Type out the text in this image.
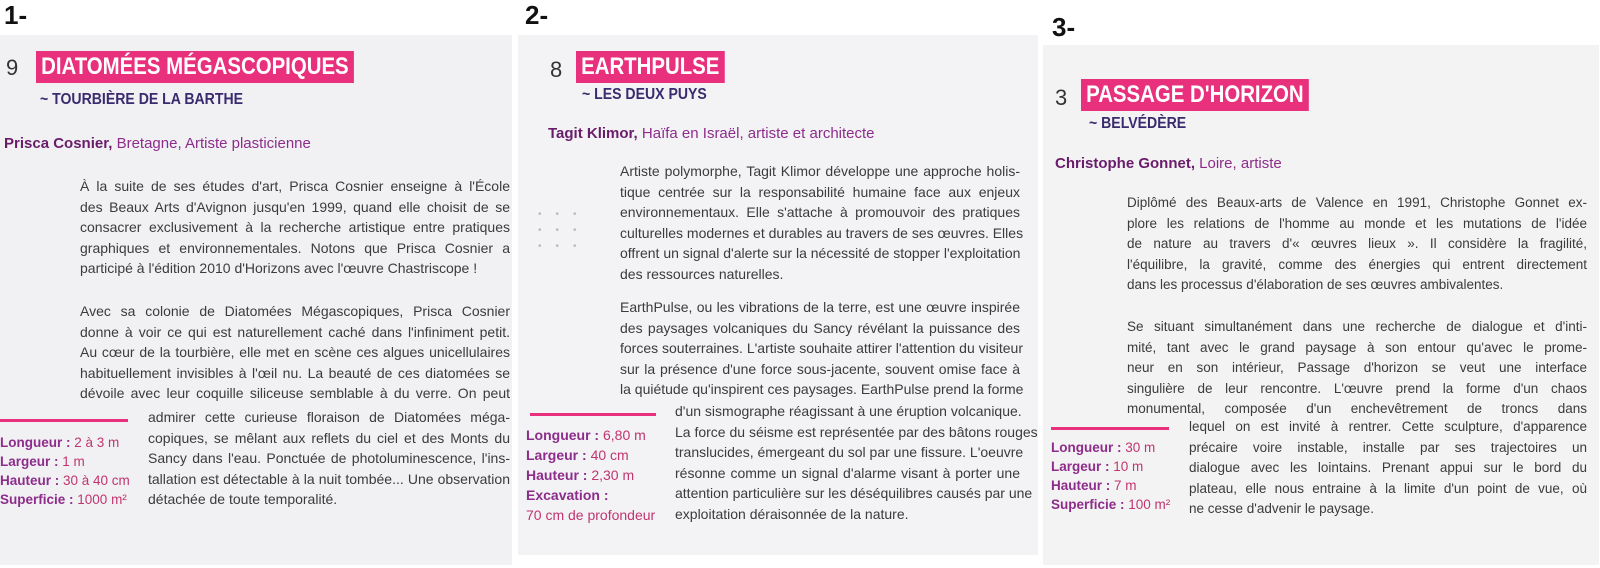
1-	2-	3-
9 DIATOMÉES MÉGASCOPIQUES
~ TOURBIÈRE DE LA BARTHE
Prisca Cosnier, Bretagne, Artiste plasticienne
À la suite de ses études d'art, Prisca Cosnier enseigne à l'École
des Beaux Arts d'Avignon jusqu'en 1999, quand elle choisit de se
consacrer exclusivement à la recherche artistique entre pratiques
graphiques et environnementales. Notons que Prisca Cosnier a
participé à l'édition 2010 d'Horizons avec l'œuvre Chastriscope !
Avec sa colonie de Diatomées Mégascopiques, Prisca Cosnier
donne à voir ce qui est naturellement caché dans l'infiniment petit.
Au cœur de la tourbière, elle met en scène ces algues unicellulaires
habituellement invisibles à l'œil nu. La beauté de ces diatomées se
dévoile avec leur coquille siliceuse semblable à du verre. On peut
admirer cette curieuse floraison de Diatomées méga-
copiques, se mêlant aux reflets du ciel et des Monts du
Sancy dans l'eau. Ponctuée de photoluminescence, l'ins-
tallation est détectable à la nuit tombée... Une observation
détachée de toute temporalité.
Longueur : 2 à 3 m
Largeur : 1 m
Hauteur : 30 à 40 cm
Superficie : 1000 m²
8 EARTHPULSE
~ LES DEUX PUYS
Tagit Klimor, Haïfa en Israël, artiste et architecte
•••
•••
•••
Artiste polymorphe, Tagit Klimor développe une approche holis-
tique centrée sur la responsabilité humaine face aux enjeux
environnementaux. Elle s'attache à promouvoir des pratiques
culturelles modernes et durables au travers de ses œuvres. Elles
offrent un signal d'alerte sur la nécessité de stopper l'exploitation
des ressources naturelles.
EarthPulse, ou les vibrations de la terre, est une œuvre inspirée
des paysages volcaniques du Sancy révélant la puissance des
forces souterraines. L'artiste souhaite attirer l'attention du visiteur
sur la présence d'une force sous-jacente, souvent omise face à
la quiétude qu'inspirent ces paysages. EarthPulse prend la forme
d'un sismographe réagissant à une éruption volcanique.
La force du séisme est représentée par des bâtons rouges
translucides, émergeant du sol par une fissure. L'oeuvre
résonne comme un signal d'alarme visant à porter une
attention particulière sur les déséquilibres causés par une
exploitation déraisonnée de la nature.
Longueur : 6,80 m
Largeur : 40 cm
Hauteur : 2,30 m
Excavation :
70 cm de profondeur
3 PASSAGE D'HORIZON
~ BELVÉDÈRE
Christophe Gonnet, Loire, artiste
Diplômé des Beaux-arts de Valence en 1991, Christophe Gonnet ex-
plore les relations de l'homme au monde et les mutations de l'idée
de nature au travers d'« œuvres lieux ». Il considère la fragilité,
l'équilibre, la gravité, comme des énergies qui entrent directement
dans les processus d'élaboration de ses œuvres ambivalentes.
Se situant simultanément dans une recherche de dialogue et d'inti-
mité, tant avec le grand paysage à son entour qu'avec le prome-
neur en son intérieur, Passage d'horizon se veut une interface
singulière de leur rencontre. L'œuvre prend la forme d'un chaos
monumental, composée d'un enchevêtrement de troncs dans
lequel on est invité à rentrer. Cette sculpture, d'apparence
précaire voire instable, installe par ses trajectoires un
dialogue avec les lointains. Prenant appui sur le bord du
plateau, elle nous entraine à la limite d'un point de vue, où
ne cesse d'advenir le paysage.
Longueur : 30 m
Largeur : 10 m
Hauteur : 7 m
Superficie : 100 m²
